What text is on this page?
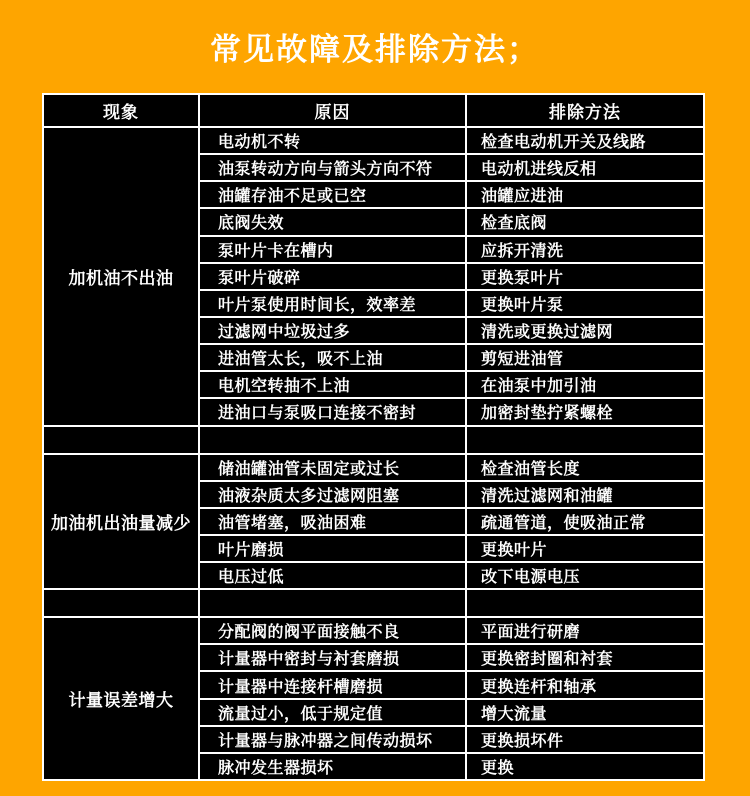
常见故障及排除方法；
现象	原因	排除方法
加机油不出油
电动机不转	检查电动机开关及线路
油泵转动方向与箭头方向不符	电动机进线反相
油罐存油不足或已空	油罐应进油
底阀失效	检查底阀
泵叶片卡在槽内	应拆开清洗
泵叶片破碎	更换泵叶片
叶片泵使用时间长，效率差	更换叶片泵
过滤网中垃圾过多	清洗或更换过滤网
进油管太长，吸不上油	剪短进油管
电机空转抽不上油	在油泵中加引油
进油口与泵吸口连接不密封	加密封垫拧紧螺栓
加油机出油量减少
储油罐油管未固定或过长	检查油管长度
油液杂质太多过滤网阻塞	清洗过滤网和油罐
油管堵塞，吸油困难	疏通管道，使吸油正常
叶片磨损	更换叶片
电压过低	改下电源电压
计量误差增大
分配阀的阀平面接触不良	平面进行研磨
计量器中密封与衬套磨损	更换密封圈和衬套
计量器中连接杆槽磨损	更换连杆和轴承
流量过小，低于规定值	增大流量
计量器与脉冲器之间传动损坏	更换损坏件
脉冲发生器损坏	更换
